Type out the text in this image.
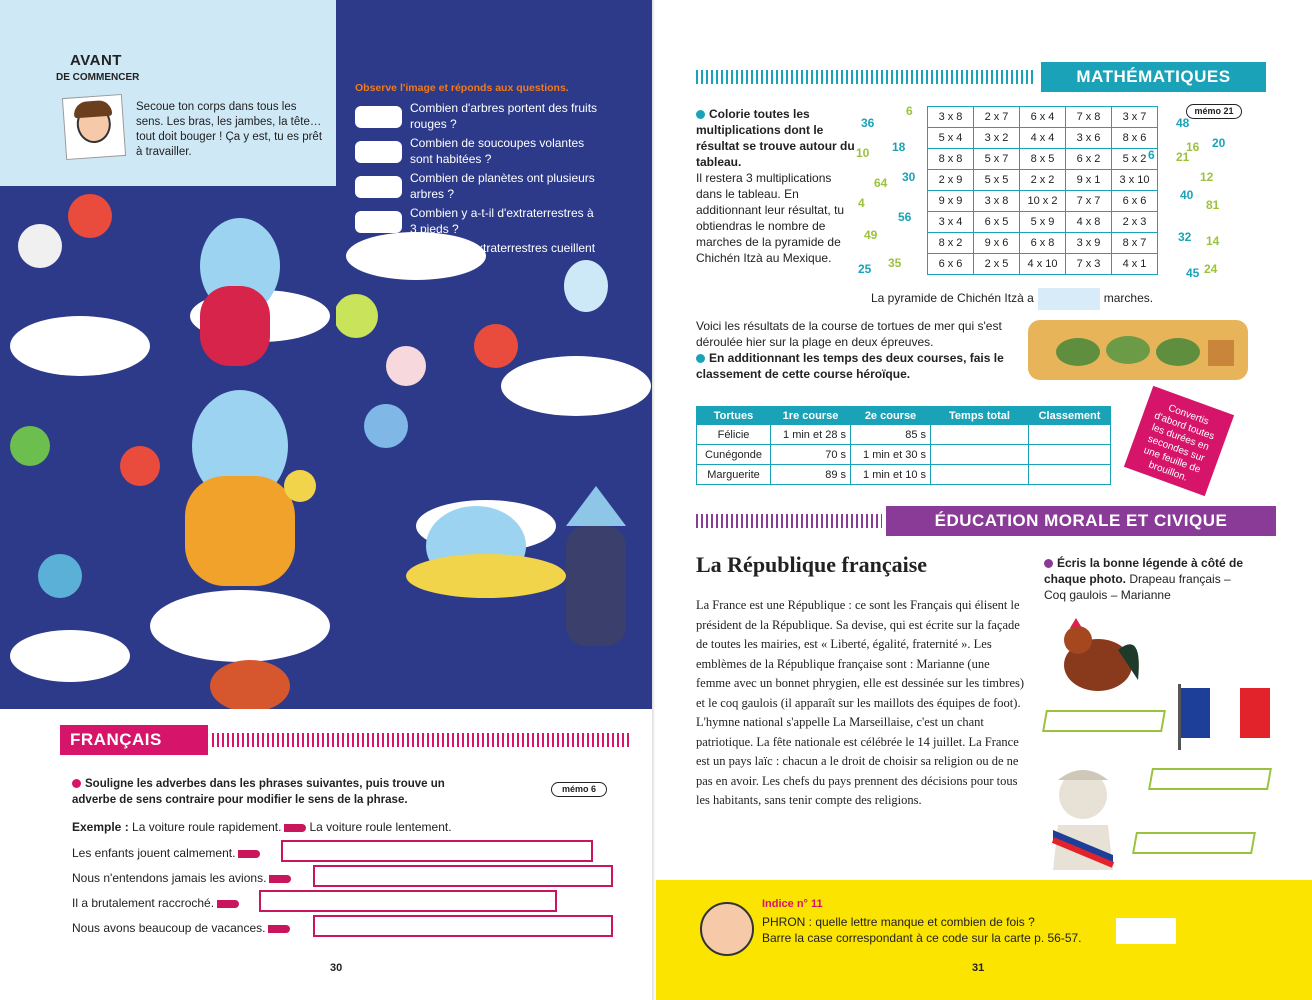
AVANT
DE COMMENCER

Secoue ton corps dans tous les sens. Les bras, les jambes, la tête… tout doit bouger ! Ça y est, tu es prêt à travailler.

Observe l'image et réponds aux questions.
Combien d'arbres portent des fruits rouges ?
Combien de soucoupes volantes sont habitées ?
Combien de planètes ont plusieurs arbres ?
Combien y a-t-il d'extraterrestres à 3 pieds ?
Combien d'extraterrestres cueillent des fruits ?
FRANÇAIS

Souligne les adverbes dans les phrases suivantes, puis trouve un adverbe de sens contraire pour modifier le sens de la phrase.

mémo 6
Exemple : La voiture roule rapidement. La voiture roule lentement.
Les enfants jouent calmement.
Nous n'entendons jamais les avions.
Il a brutalement raccroché.
Nous avons beaucoup de vacances.
30
MATHÉMATIQUES

Colorie toutes les multiplications dont le résultat se trouve autour du tableau.

Il restera 3 multiplications dans le tableau. En additionnant leur résultat, tu obtiendras le nombre de marches de la pyramide de Chichén Itzà au Mexique.

3 x 8	2 x 7	6 x 4	7 x 8	3 x 7
5 x 4	3 x 2	4 x 4	3 x 6	8 x 6
8 x 8	5 x 7	8 x 5	6 x 2	5 x 2
2 x 9	5 x 5	2 x 2	9 x 1	3 x 10
9 x 9	3 x 8	10 x 2	7 x 7	6 x 6
3 x 4	6 x 5	5 x 9	4 x 8	2 x 3
8 x 2	9 x 6	6 x 8	3 x 9	8 x 7
6 x 6	2 x 5	4 x 10	7 x 3	4 x 1
mémo 21
6
36
10 18
64 30
4
56
49
25 35
48
16 20
21
6
12
40
81
32 14
45 24
La pyramide de Chichén Itzà a	marches.

Voici les résultats de la course de tortues de mer qui s'est déroulée hier sur la plage en deux épreuves.

En additionnant les temps des deux courses, fais le classement de cette course héroïque.

Tortues	1re course	2e course	Temps total	Classement
Félicie	1 min et 28 s	85 s		
Cunégonde	70 s	1 min et 30 s		
Marguerite	89 s	1 min et 10 s		
Convertis d'abord toutes les durées en secondes sur une feuille de brouillon.
ÉDUCATION MORALE ET CIVIQUE
La République française
La France est une République : ce sont les Français qui élisent le président de la République. Sa devise, qui est écrite sur la façade de toutes les mairies, est « Liberté, égalité, fraternité ». Les emblèmes de la République française sont : Marianne (une femme avec un bonnet phrygien, elle est dessinée sur les timbres) et le coq gaulois (il apparaît sur les maillots des équipes de foot). L'hymne national s'appelle La Marseillaise, c'est un chant patriotique. La fête nationale est célébrée le 14 juillet. La France est un pays laïc : chacun a le droit de choisir sa religion ou de ne pas en avoir. Les chefs du pays prennent des décisions pour tous les habitants, sans tenir compte des religions.
Écris la bonne légende à côté de chaque photo. Drapeau français – Coq gaulois – Marianne
Indice n° 11

PHRON : quelle lettre manque et combien de fois ?
Barre la case correspondant à ce code sur la carte p. 56-57.

31
